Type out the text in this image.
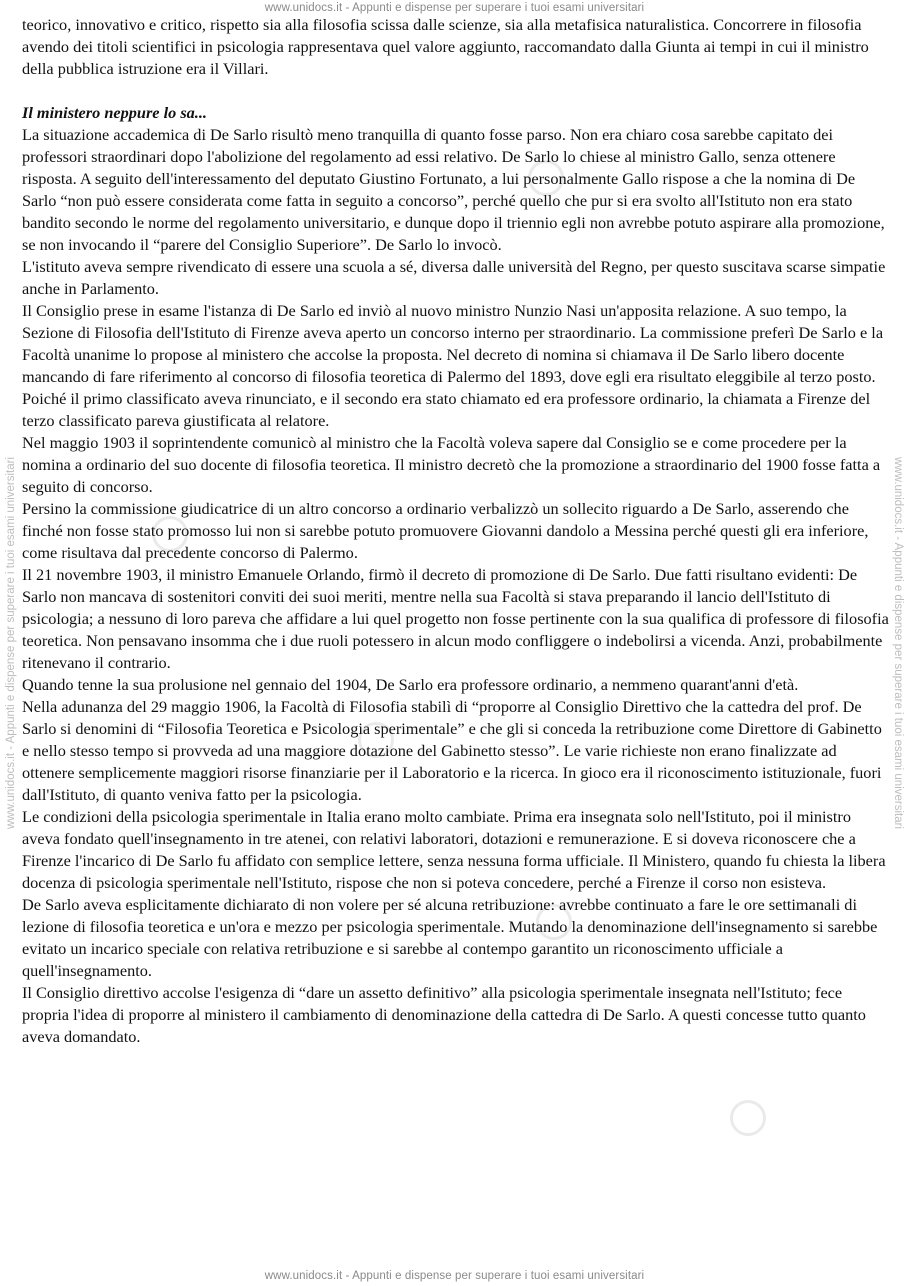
www.unidocs.it - Appunti e dispense per superare i tuoi esami universitari
www.unidocs.it - Appunti e dispense per superare i tuoi esami universitari	www.unidocs.it - Appunti e dispense per superare i tuoi esami universitari

teorico, innovativo e critico, rispetto sia alla filosofia scissa dalle scienze, sia alla metafisica naturalistica. Concorrere in filosofia avendo dei titoli scientifici in psicologia rappresentava quel valore aggiunto, raccomandato dalla Giunta ai tempi in cui il ministro della pubblica istruzione era il Villari.

Il ministero neppure lo sa...

La situazione accademica di De Sarlo risultò meno tranquilla di quanto fosse parso. Non era chiaro cosa sarebbe capitato dei professori straordinari dopo l'abolizione del regolamento ad essi relativo. De Sarlo lo chiese al ministro Gallo, senza ottenere risposta. A seguito dell'interessamento del deputato Giustino Fortunato, a lui personalmente Gallo rispose a che la nomina di De Sarlo “non può essere considerata come fatta in seguito a concorso”, perché quello che pur si era svolto all'Istituto non era stato bandito secondo le norme del regolamento universitario, e dunque dopo il triennio egli non avrebbe potuto aspirare alla promozione, se non invocando il “parere del Consiglio Superiore”. De Sarlo lo invocò.

L'istituto aveva sempre rivendicato di essere una scuola a sé, diversa dalle università del Regno, per questo suscitava scarse simpatie anche in Parlamento.

Il Consiglio prese in esame l'istanza di De Sarlo ed inviò al nuovo ministro Nunzio Nasi un'apposita relazione. A suo tempo, la Sezione di Filosofia dell'Istituto di Firenze aveva aperto un concorso interno per straordinario. La commissione preferì De Sarlo e la Facoltà unanime lo propose al ministero che accolse la proposta. Nel decreto di nomina si chiamava il De Sarlo libero docente mancando di fare riferimento al concorso di filosofia teoretica di Palermo del 1893, dove egli era risultato eleggibile al terzo posto. Poiché il primo classificato aveva rinunciato, e il secondo era stato chiamato ed era professore ordinario, la chiamata a Firenze del terzo classificato pareva giustificata al relatore.

Nel maggio 1903 il soprintendente comunicò al ministro che la Facoltà voleva sapere dal Consiglio se e come procedere per la nomina a ordinario del suo docente di filosofia teoretica. Il ministro decretò che la promozione a straordinario del 1900 fosse fatta a seguito di concorso.

Persino la commissione giudicatrice di un altro concorso a ordinario verbalizzò un sollecito riguardo a De Sarlo, asserendo che finché non fosse stato promosso lui non si sarebbe potuto promuovere Giovanni dandolo a Messina perché questi gli era inferiore, come risultava dal precedente concorso di Palermo.

Il 21 novembre 1903, il ministro Emanuele Orlando, firmò il decreto di promozione di De Sarlo. Due fatti risultano evidenti: De Sarlo non mancava di sostenitori conviti dei suoi meriti, mentre nella sua Facoltà si stava preparando il lancio dell'Istituto di psicologia; a nessuno di loro pareva che affidare a lui quel progetto non fosse pertinente con la sua qualifica di professore di filosofia teoretica. Non pensavano insomma che i due ruoli potessero in alcun modo confliggere o indebolirsi a vicenda. Anzi, probabilmente ritenevano il contrario.

Quando tenne la sua prolusione nel gennaio del 1904, De Sarlo era professore ordinario, a nemmeno quarant'anni d'età.

Nella adunanza del 29 maggio 1906, la Facoltà di Filosofia stabilì di “proporre al Consiglio Direttivo che la cattedra del prof. De Sarlo si denomini di “Filosofia Teoretica e Psicologia sperimentale” e che gli si conceda la retribuzione come Direttore di Gabinetto e nello stesso tempo si provveda ad una maggiore dotazione del Gabinetto stesso”. Le varie richieste non erano finalizzate ad ottenere semplicemente maggiori risorse finanziarie per il Laboratorio e la ricerca. In gioco era il riconoscimento istituzionale, fuori dall'Istituto, di quanto veniva fatto per la psicologia.

Le condizioni della psicologia sperimentale in Italia erano molto cambiate. Prima era insegnata solo nell'Istituto, poi il ministro aveva fondato quell'insegnamento in tre atenei, con relativi laboratori, dotazioni e remunerazione. E si doveva riconoscere che a Firenze l'incarico di De Sarlo fu affidato con semplice lettere, senza nessuna forma ufficiale. Il Ministero, quando fu chiesta la libera docenza di psicologia sperimentale nell'Istituto, rispose che non si poteva concedere, perché a Firenze il corso non esisteva.

De Sarlo aveva esplicitamente dichiarato di non volere per sé alcuna retribuzione: avrebbe continuato a fare le ore settimanali di lezione di filosofia teoretica e un'ora e mezzo per psicologia sperimentale. Mutando la denominazione dell'insegnamento si sarebbe evitato un incarico speciale con relativa retribuzione e si sarebbe al contempo garantito un riconoscimento ufficiale a quell'insegnamento.

Il Consiglio direttivo accolse l'esigenza di “dare un assetto definitivo” alla psicologia sperimentale insegnata nell'Istituto; fece propria l'idea di proporre al ministero il cambiamento di denominazione della cattedra di De Sarlo. A questi concesse tutto quanto aveva domandato.

www.unidocs.it - Appunti e dispense per superare i tuoi esami universitari
